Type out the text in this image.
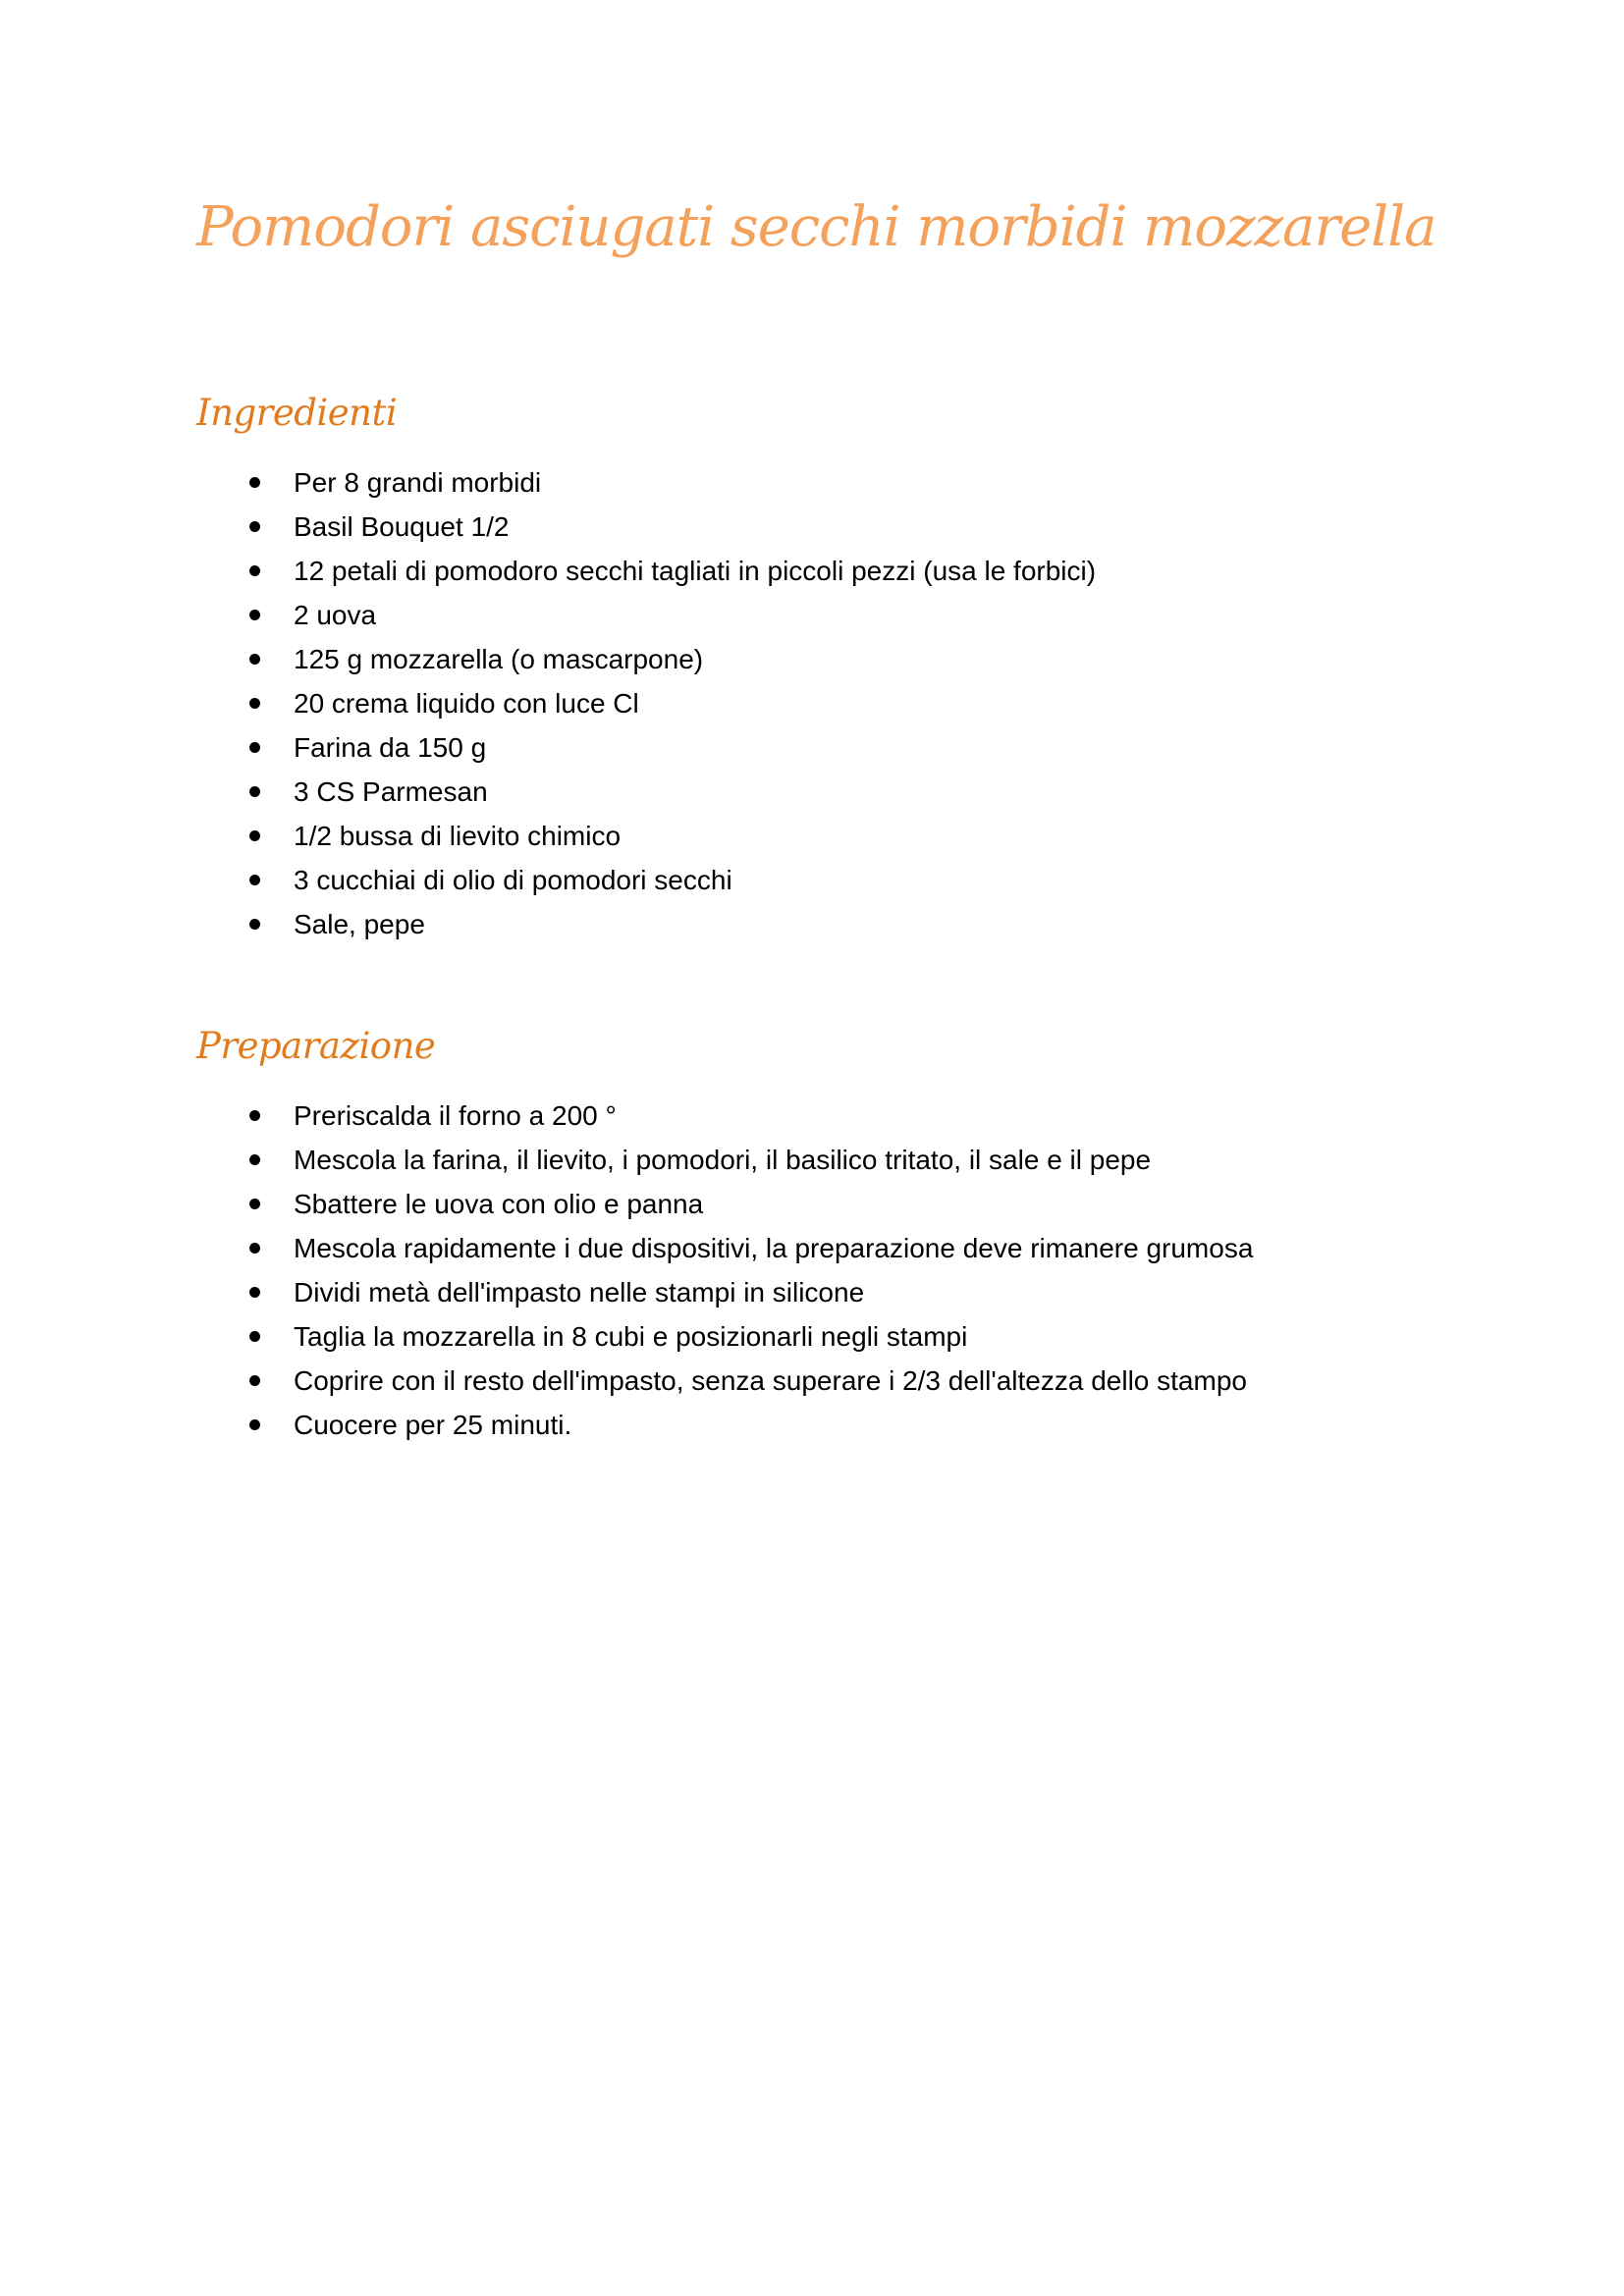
Pomodori asciugati secchi morbidi mozzarella
Ingredienti
Per 8 grandi morbidi
Basil Bouquet 1/2
12 petali di pomodoro secchi tagliati in piccoli pezzi (usa le forbici)
2 uova
125 g mozzarella (o mascarpone)
20 crema liquido con luce Cl
Farina da 150 g
3 CS Parmesan
1/2 bussa di lievito chimico
3 cucchiai di olio di pomodori secchi
Sale, pepe
Preparazione
Preriscalda il forno a 200 °
Mescola la farina, il lievito, i pomodori, il basilico tritato, il sale e il pepe
Sbattere le uova con olio e panna
Mescola rapidamente i due dispositivi, la preparazione deve rimanere grumosa
Dividi metà dell'impasto nelle stampi in silicone
Taglia la mozzarella in 8 cubi e posizionarli negli stampi
Coprire con il resto dell'impasto, senza superare i 2/3 dell'altezza dello stampo
Cuocere per 25 minuti.
